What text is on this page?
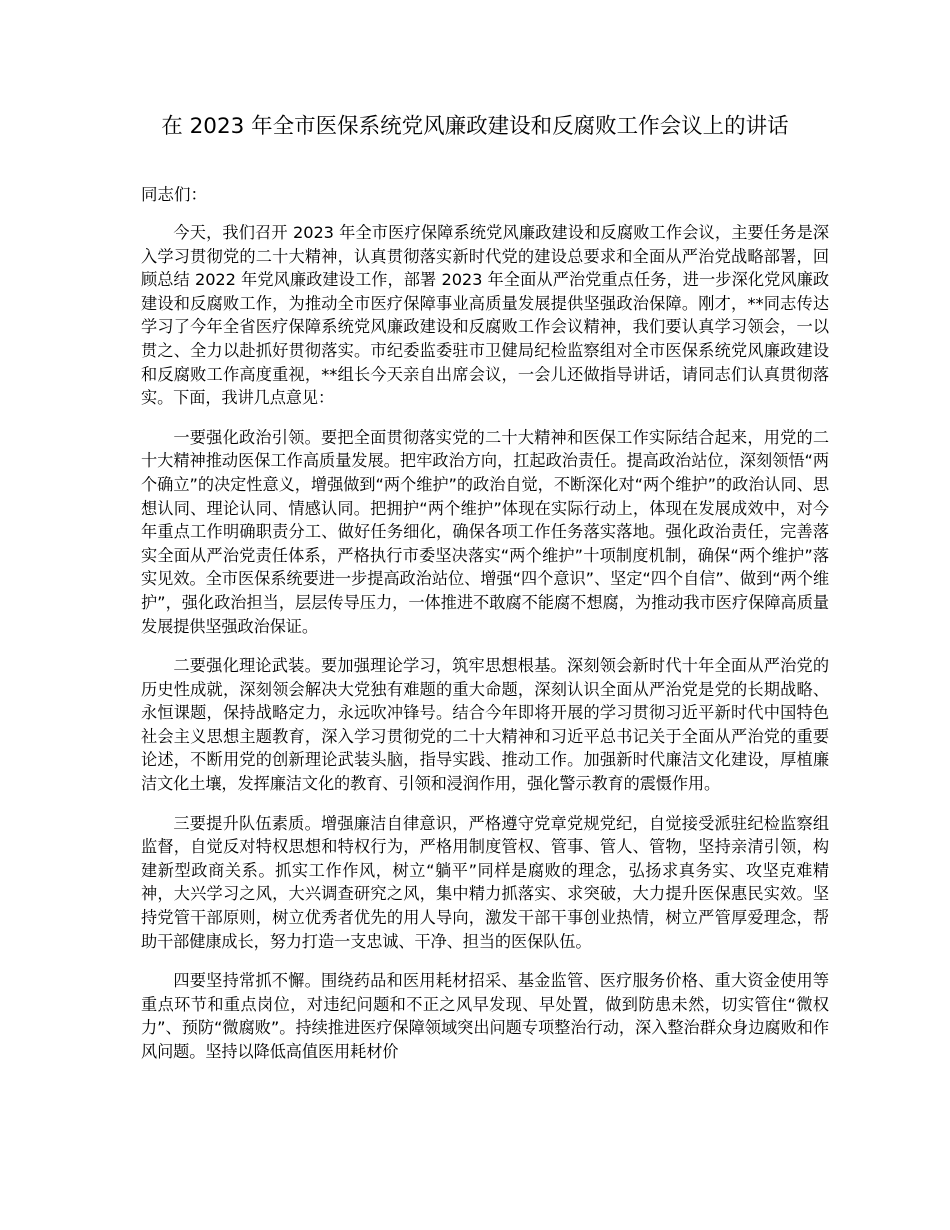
在 2023 年全市医保系统党风廉政建设和反腐败工作会议上的讲话

同志们：

今天，我们召开 2023 年全市医疗保障系统党风廉政建设和反腐败工作会议，主要任务是深入学习贯彻党的二十大精神，认真贯彻落实新时代党的建设总要求和全面从严治党战略部署，回顾总结 2022 年党风廉政建设工作，部署 2023 年全面从严治党重点任务，进一步深化党风廉政建设和反腐败工作，为推动全市医疗保障事业高质量发展提供坚强政治保障。刚才，**同志传达学习了今年全省医疗保障系统党风廉政建设和反腐败工作会议精神，我们要认真学习领会，一以贯之、全力以赴抓好贯彻落实。市纪委监委驻市卫健局纪检监察组对全市医保系统党风廉政建设和反腐败工作高度重视，**组长今天亲自出席会议，一会儿还做指导讲话，请同志们认真贯彻落实。下面，我讲几点意见：

一要强化政治引领。要把全面贯彻落实党的二十大精神和医保工作实际结合起来，用党的二十大精神推动医保工作高质量发展。把牢政治方向，扛起政治责任。提高政治站位，深刻领悟“两个确立”的决定性意义，增强做到“两个维护”的政治自觉，不断深化对“两个维护”的政治认同、思想认同、理论认同、情感认同。把拥护“两个维护”体现在实际行动上，体现在发展成效中，对今年重点工作明确职责分工、做好任务细化，确保各项工作任务落实落地。强化政治责任，完善落实全面从严治党责任体系，严格执行市委坚决落实“两个维护”十项制度机制，确保“两个维护”落实见效。全市医保系统要进一步提高政治站位、增强“四个意识”、坚定“四个自信”、做到“两个维护”，强化政治担当，层层传导压力，一体推进不敢腐不能腐不想腐，为推动我市医疗保障高质量发展提供坚强政治保证。

二要强化理论武装。要加强理论学习，筑牢思想根基。深刻领会新时代十年全面从严治党的历史性成就，深刻领会解决大党独有难题的重大命题，深刻认识全面从严治党是党的长期战略、永恒课题，保持战略定力，永远吹冲锋号。结合今年即将开展的学习贯彻习近平新时代中国特色社会主义思想主题教育，深入学习贯彻党的二十大精神和习近平总书记关于全面从严治党的重要论述，不断用党的创新理论武装头脑，指导实践、推动工作。加强新时代廉洁文化建设，厚植廉洁文化土壤，发挥廉洁文化的教育、引领和浸润作用，强化警示教育的震慑作用。

三要提升队伍素质。增强廉洁自律意识，严格遵守党章党规党纪，自觉接受派驻纪检监察组监督，自觉反对特权思想和特权行为，严格用制度管权、管事、管人、管物，坚持亲清引领，构建新型政商关系。抓实工作作风，树立“躺平”同样是腐败的理念，弘扬求真务实、攻坚克难精神，大兴学习之风，大兴调查研究之风，集中精力抓落实、求突破，大力提升医保惠民实效。坚持党管干部原则，树立优秀者优先的用人导向，激发干部干事创业热情，树立严管厚爱理念，帮助干部健康成长，努力打造一支忠诚、干净、担当的医保队伍。

四要坚持常抓不懈。围绕药品和医用耗材招采、基金监管、医疗服务价格、重大资金使用等重点环节和重点岗位，对违纪问题和不正之风早发现、早处置，做到防患未然，切实管住“微权力”、预防“微腐败”。持续推进医疗保障领域突出问题专项整治行动，深入整治群众身边腐败和作风问题。坚持以降低高值医用耗材价
